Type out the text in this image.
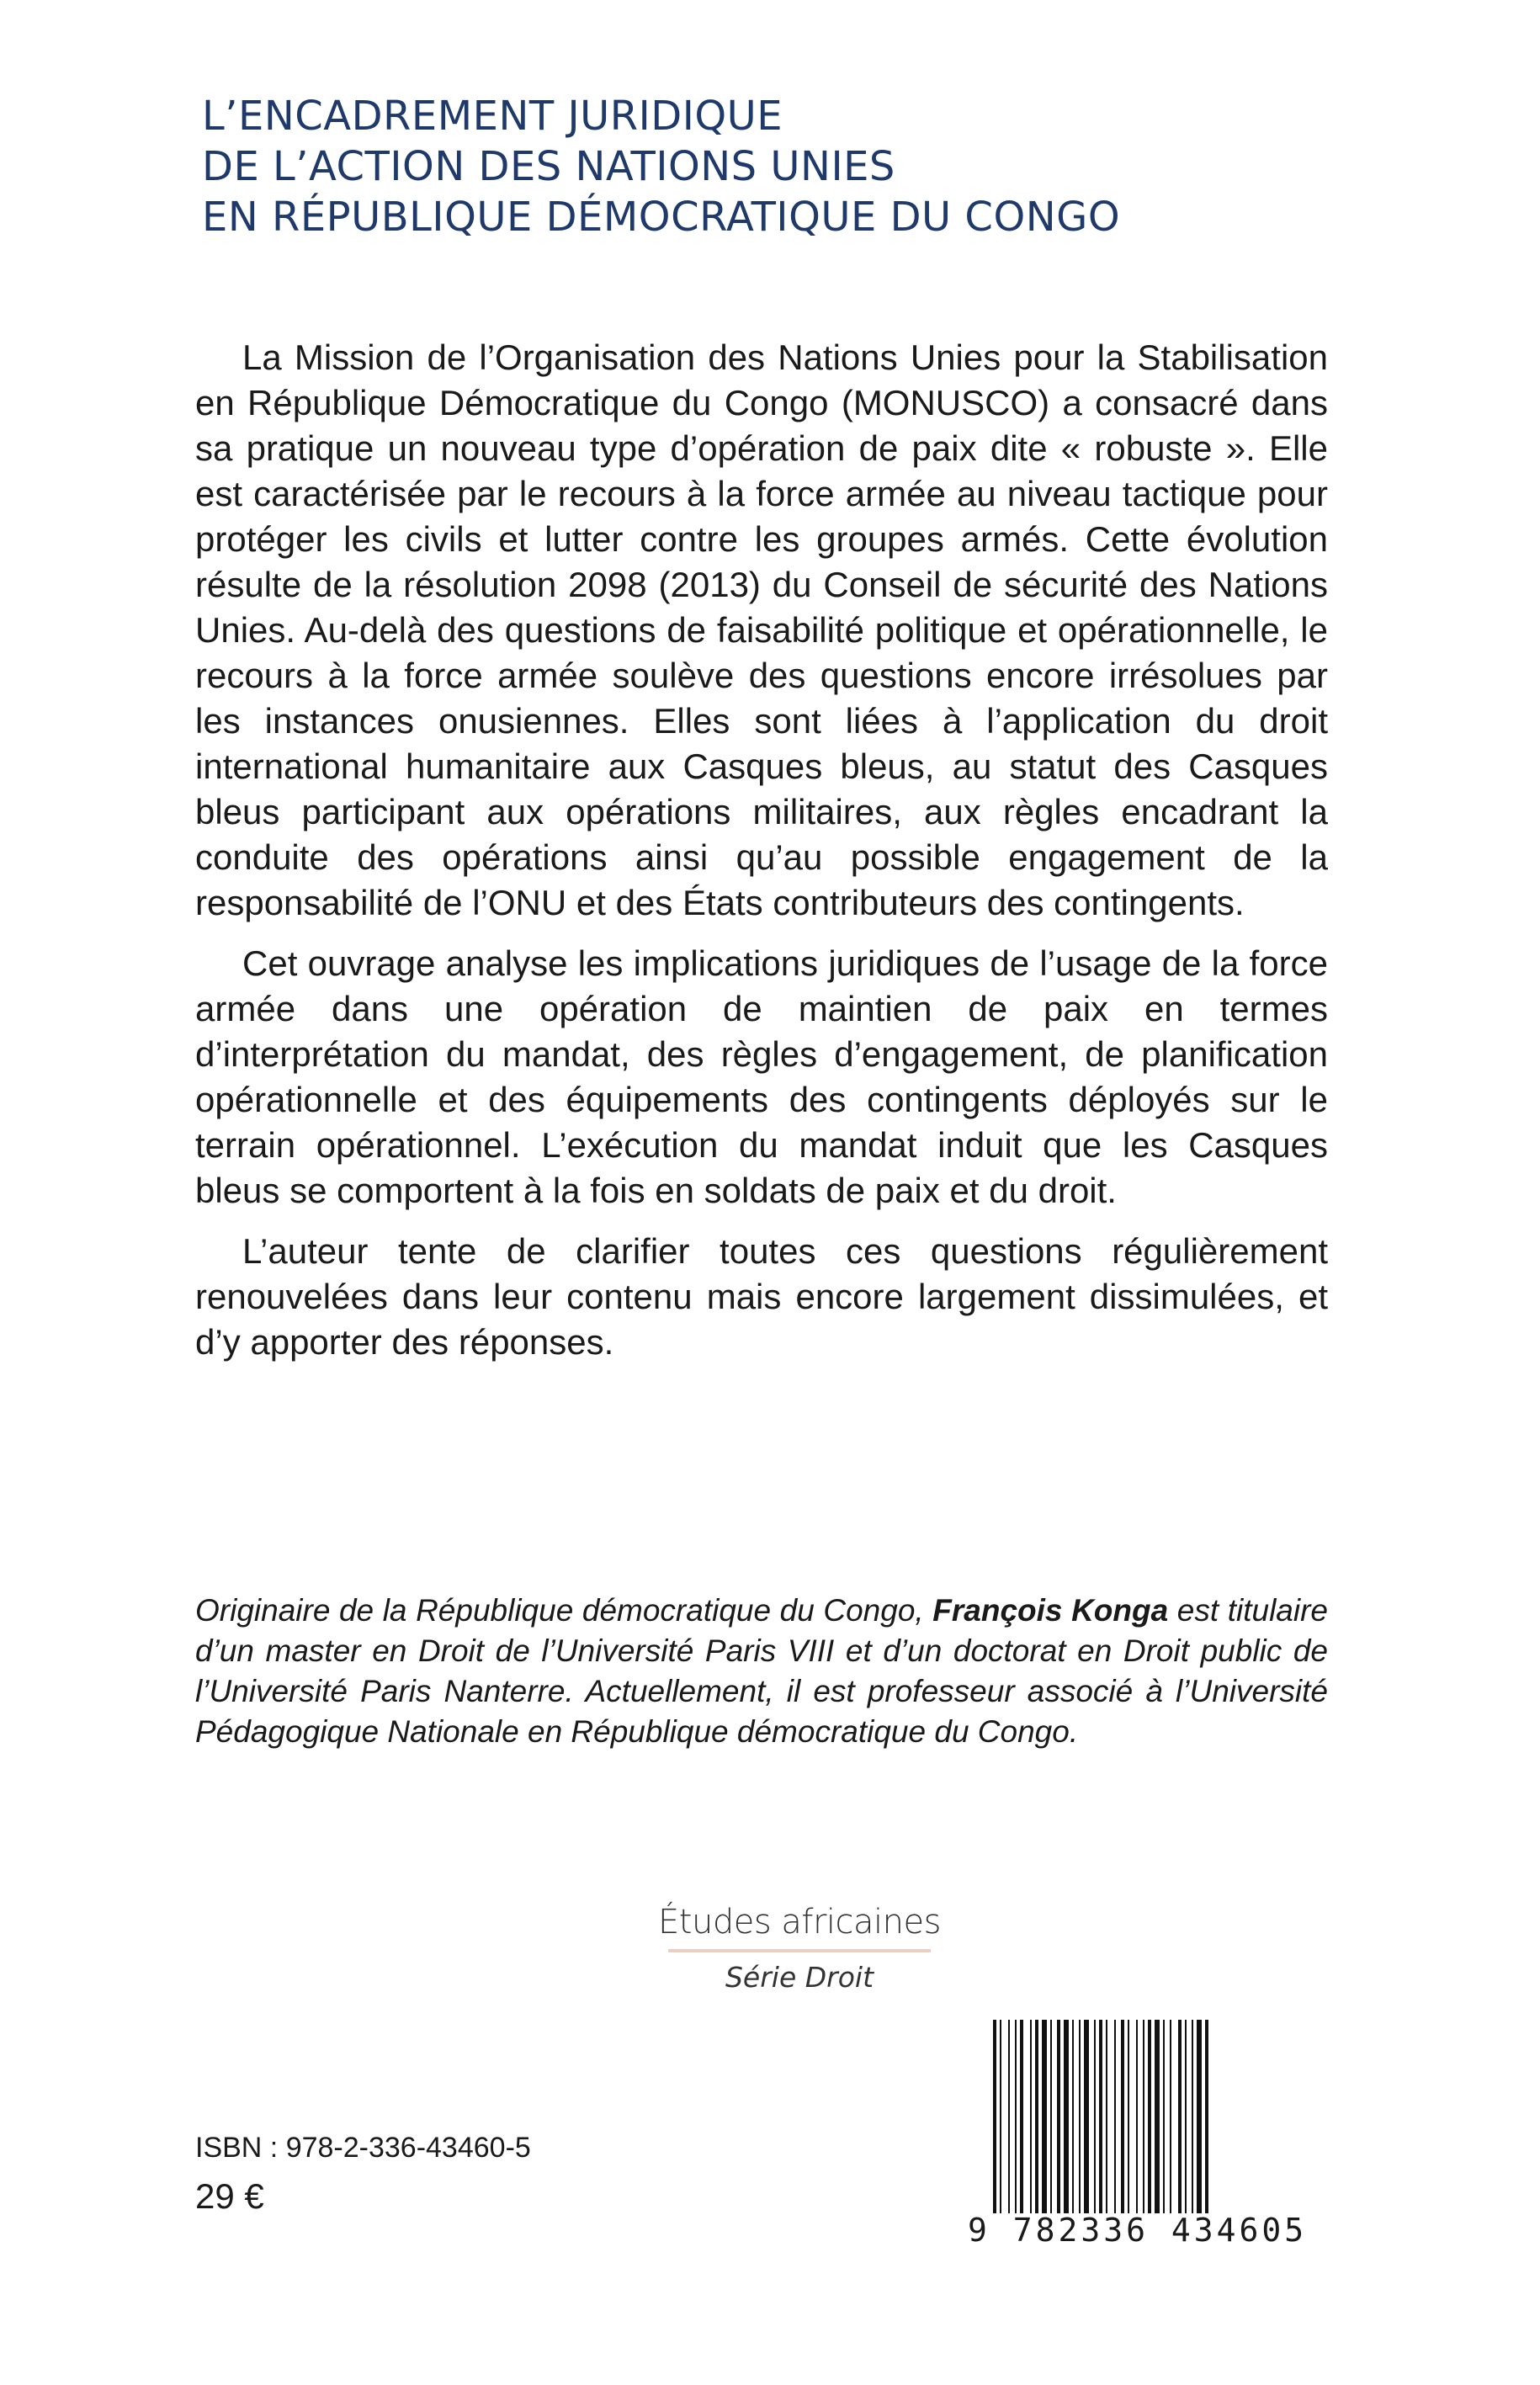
L’ENCADREMENT JURIDIQUE
DE L’ACTION DES NATIONS UNIES
EN RÉPUBLIQUE DÉMOCRATIQUE DU CONGO

La Mission de l’Organisation des Nations Unies pour la Stabilisation en République Démocratique du Congo (MONUSCO) a consacré dans sa pratique un nouveau type d’opération de paix dite « robuste ». Elle est caractérisée par le recours à la force armée au niveau tactique pour protéger les civils et lutter contre les groupes armés. Cette évolution résulte de la résolution 2098 (2013) du Conseil de sécurité des Nations Unies. Au-delà des questions de faisabilité politique et opérationnelle, le recours à la force armée soulève des questions encore irrésolues par les instances onusiennes. Elles sont liées à l’application du droit international humanitaire aux Casques bleus, au statut des Casques bleus participant aux opérations militaires, aux règles encadrant la conduite des opérations ainsi qu’au possible engagement de la responsabilité de l’ONU et des États contributeurs des contingents.

Cet ouvrage analyse les implications juridiques de l’usage de la force armée dans une opération de maintien de paix en termes d’interprétation du mandat, des règles d’engagement, de planification opérationnelle et des équipements des contingents déployés sur le terrain opérationnel. L’exécution du mandat induit que les Casques bleus se comportent à la fois en soldats de paix et du droit.

L’auteur tente de clarifier toutes ces questions régulièrement renouvelées dans leur contenu mais encore largement dissimulées, et d’y apporter des réponses.

Originaire de la République démocratique du Congo, François Konga est titulaire d’un master en Droit de l’Université Paris VIII et d’un doctorat en Droit public de l’Université Paris Nanterre. Actuellement, il est professeur associé à l’Université Pédagogique Nationale en République démocratique du Congo.
Études africaines
Série Droit
ISBN : 978-2-336-43460-5
29 €
9 782336 434605
